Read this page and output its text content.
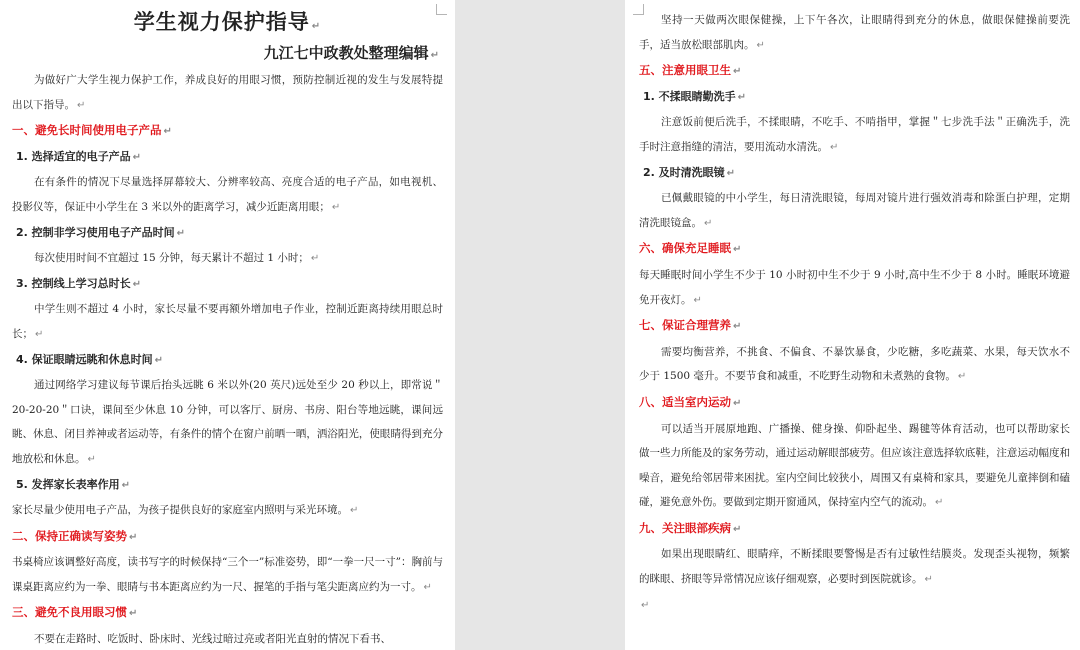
学生视力保护指导 ↵

九江七中政教处整理编辑 ↵

为做好广大学生视力保护工作，养成良好的用眼习惯，预防控制近视的发生与发展特提出以下指导。 ↵

一、避免长时间使用电子产品 ↵

1. 选择适宜的电子产品 ↵

在有条件的情况下尽量选择屏幕较大、分辨率较高、亮度合适的电子产品，如电视机、投影仪等，保证中小学生在 3 米以外的距离学习，减少近距离用眼； ↵

2. 控制非学习使用电子产品时间 ↵

每次使用时间不宜超过 15 分钟，每天累计不超过 1 小时； ↵

3. 控制线上学习总时长 ↵

中学生则不超过 4 小时，家长尽量不要再额外增加电子作业，控制近距离持续用眼总时长； ↵

4. 保证眼睛远眺和休息时间 ↵

通过网络学习建议每节课后抬头远眺 6 米以外(20 英尺)远处至少 20 秒以上，即常说＂20-20-20＂口诀，课间至少休息 10 分钟，可以客厅、厨房、书房、阳台等地远眺，课间远眺、休息、闭目养神或者运动等，有条件的情个在窗户前晒一晒，洒浴阳光，使眼睛得到充分地放松和休息。 ↵

5. 发挥家长表率作用 ↵

家长尽量少使用电子产品，为孩子提供良好的家庭室内照明与采光环境。 ↵

二、保持正确读写姿势 ↵

书桌椅应该调整好高度，读书写字的时候保持“三个一”标准姿势，即“一拳一尺一寸”：胸前与课桌距离应约为一拳、眼睛与书本距离应约为一尺、握笔的手指与笔尖距离应约为一寸。 ↵

三、避免不良用眼习惯 ↵

不要在走路时、吃饭时、卧床时、光线过暗过亮或者阳光直射的情况下看书、

坚持一天做两次眼保健操，上下午各次，让眼睛得到充分的休息，做眼保健操前要洗手，适当放松眼部肌肉。 ↵

五、注意用眼卫生 ↵

1. 不揉眼睛勤洗手 ↵

注意饭前便后洗手，不揉眼睛，不吃手、不啃指甲，掌握＂七步洗手法＂正确洗手，洗手时注意指缝的清洁，要用流动水清洗。 ↵

2. 及时清洗眼镜 ↵

已佩戴眼镜的中小学生，每日清洗眼镜，每周对镜片进行强效消毒和除蛋白护理，定期清洗眼镜盒。 ↵

六、确保充足睡眠 ↵

每天睡眠时间小学生不少于 10 小时初中生不少于 9 小时,高中生不少于 8 小时。睡眠环境避免开夜灯。 ↵

七、保证合理营养 ↵

需要均衡营养，不挑食、不偏食、不暴饮暴食，少吃糖，多吃蔬菜、水果，每天饮水不少于 1500 毫升。不要节食和减重，不吃野生动物和未煮熟的食物。 ↵

八、适当室内运动 ↵

可以适当开展原地跑、广播操、健身操、仰卧起坐、踢毽等体育活动，也可以帮助家长做一些力所能及的家务劳动，通过运动解眼部疲劳。但应该注意选择软底鞋，注意运动幅度和噪音，避免给邻居带来困扰。室内空间比较狭小，周围又有桌椅和家具，要避免儿童摔倒和磕碰，避免意外伤。要做到定期开窗通风，保持室内空气的流动。 ↵

九、关注眼部疾病 ↵

如果出现眼睛红、眼睛痒，不断揉眼要警惕是否有过敏性结膜炎。发现歪头视物，频繁的眯眼、挤眼等异常情况应该仔细观察，必要时到医院就诊。 ↵

↵
